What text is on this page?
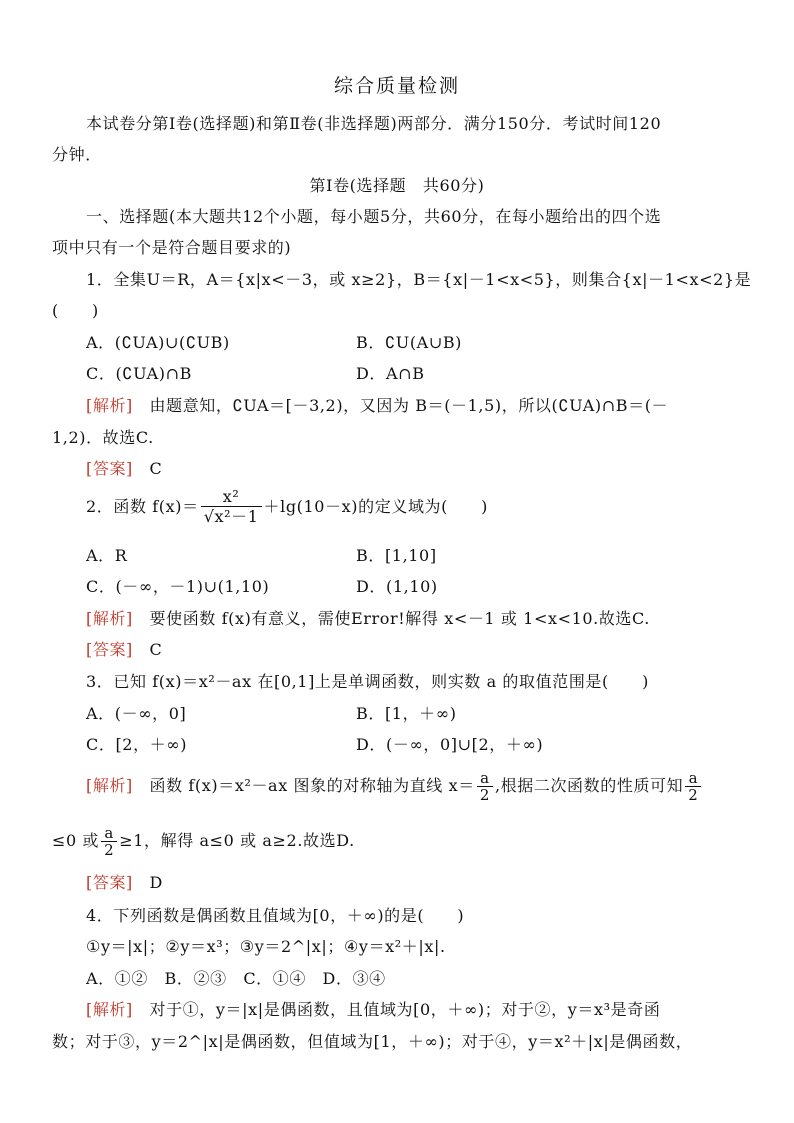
综合质量检测
本试卷分第Ⅰ卷(选择题)和第Ⅱ卷(非选择题)两部分．满分150分．考试时间120
分钟．
第Ⅰ卷(选择题　共60分)
一、选择题(本大题共12个小题，每小题5分，共60分，在每小题给出的四个选
项中只有一个是符合题目要求的)
1．全集U＝R，A＝{x|x<－3，或 x≥2}，B＝{x|－1<x<5}，则集合{x|－1<x<2}是
(　　)
A．(∁UA)∪(∁UB)	B．∁U(A∪B)
C．(∁UA)∩B	D．A∩B
[解析]　 由题意知，∁UA＝[－3,2)，又因为 B＝(－1,5)，所以(∁UA)∩B＝(－
1,2)．故选C.
[答案]　 C
2．函数 $f(x)= \frac{\text{x²}}{\text{√x²－1}} +\lg(10-x)$的定义域为(　　)
A．R	B．[1,10]
C．(－∞，－1)∪(1,10)	D．(1,10)
[解析]　 要使函数 f(x)有意义，需使Error!解得 x<－1 或 1<x<10.故选C.
[答案]　 C
3．已知 f(x)＝x²－ax 在[0,1]上是单调函数，则实数 a 的取值范围是(　　)
A．(－∞，0]	B．[1，＋∞)
C．[2，＋∞)	D．(－∞，0]∪[2，＋∞)
[解析]　 函数 f(x)＝x²－ax 图象的对称轴为直线 $x= \frac{a}{2}$ ,根据二次函数的性质可知 $\frac{a}{2}$
≤0 或 $\frac{a}{2} \ge 1$，解得 a≤0 或 a≥2.故选D.
[答案]　 D
4．下列函数是偶函数且值域为[0，＋∞)的是(　　)
①y＝|x|；②y＝x³；③y＝2^|x|；④y＝x²＋|x|.
A．①②　B．②③　C．①④　D．③④
[解析]　 对于①，y＝|x|是偶函数，且值域为[0，＋∞)；对于②，y＝x³是奇函
数；对于③，y＝2^|x|是偶函数，但值域为[1，＋∞)；对于④，y＝x²＋|x|是偶函数，
